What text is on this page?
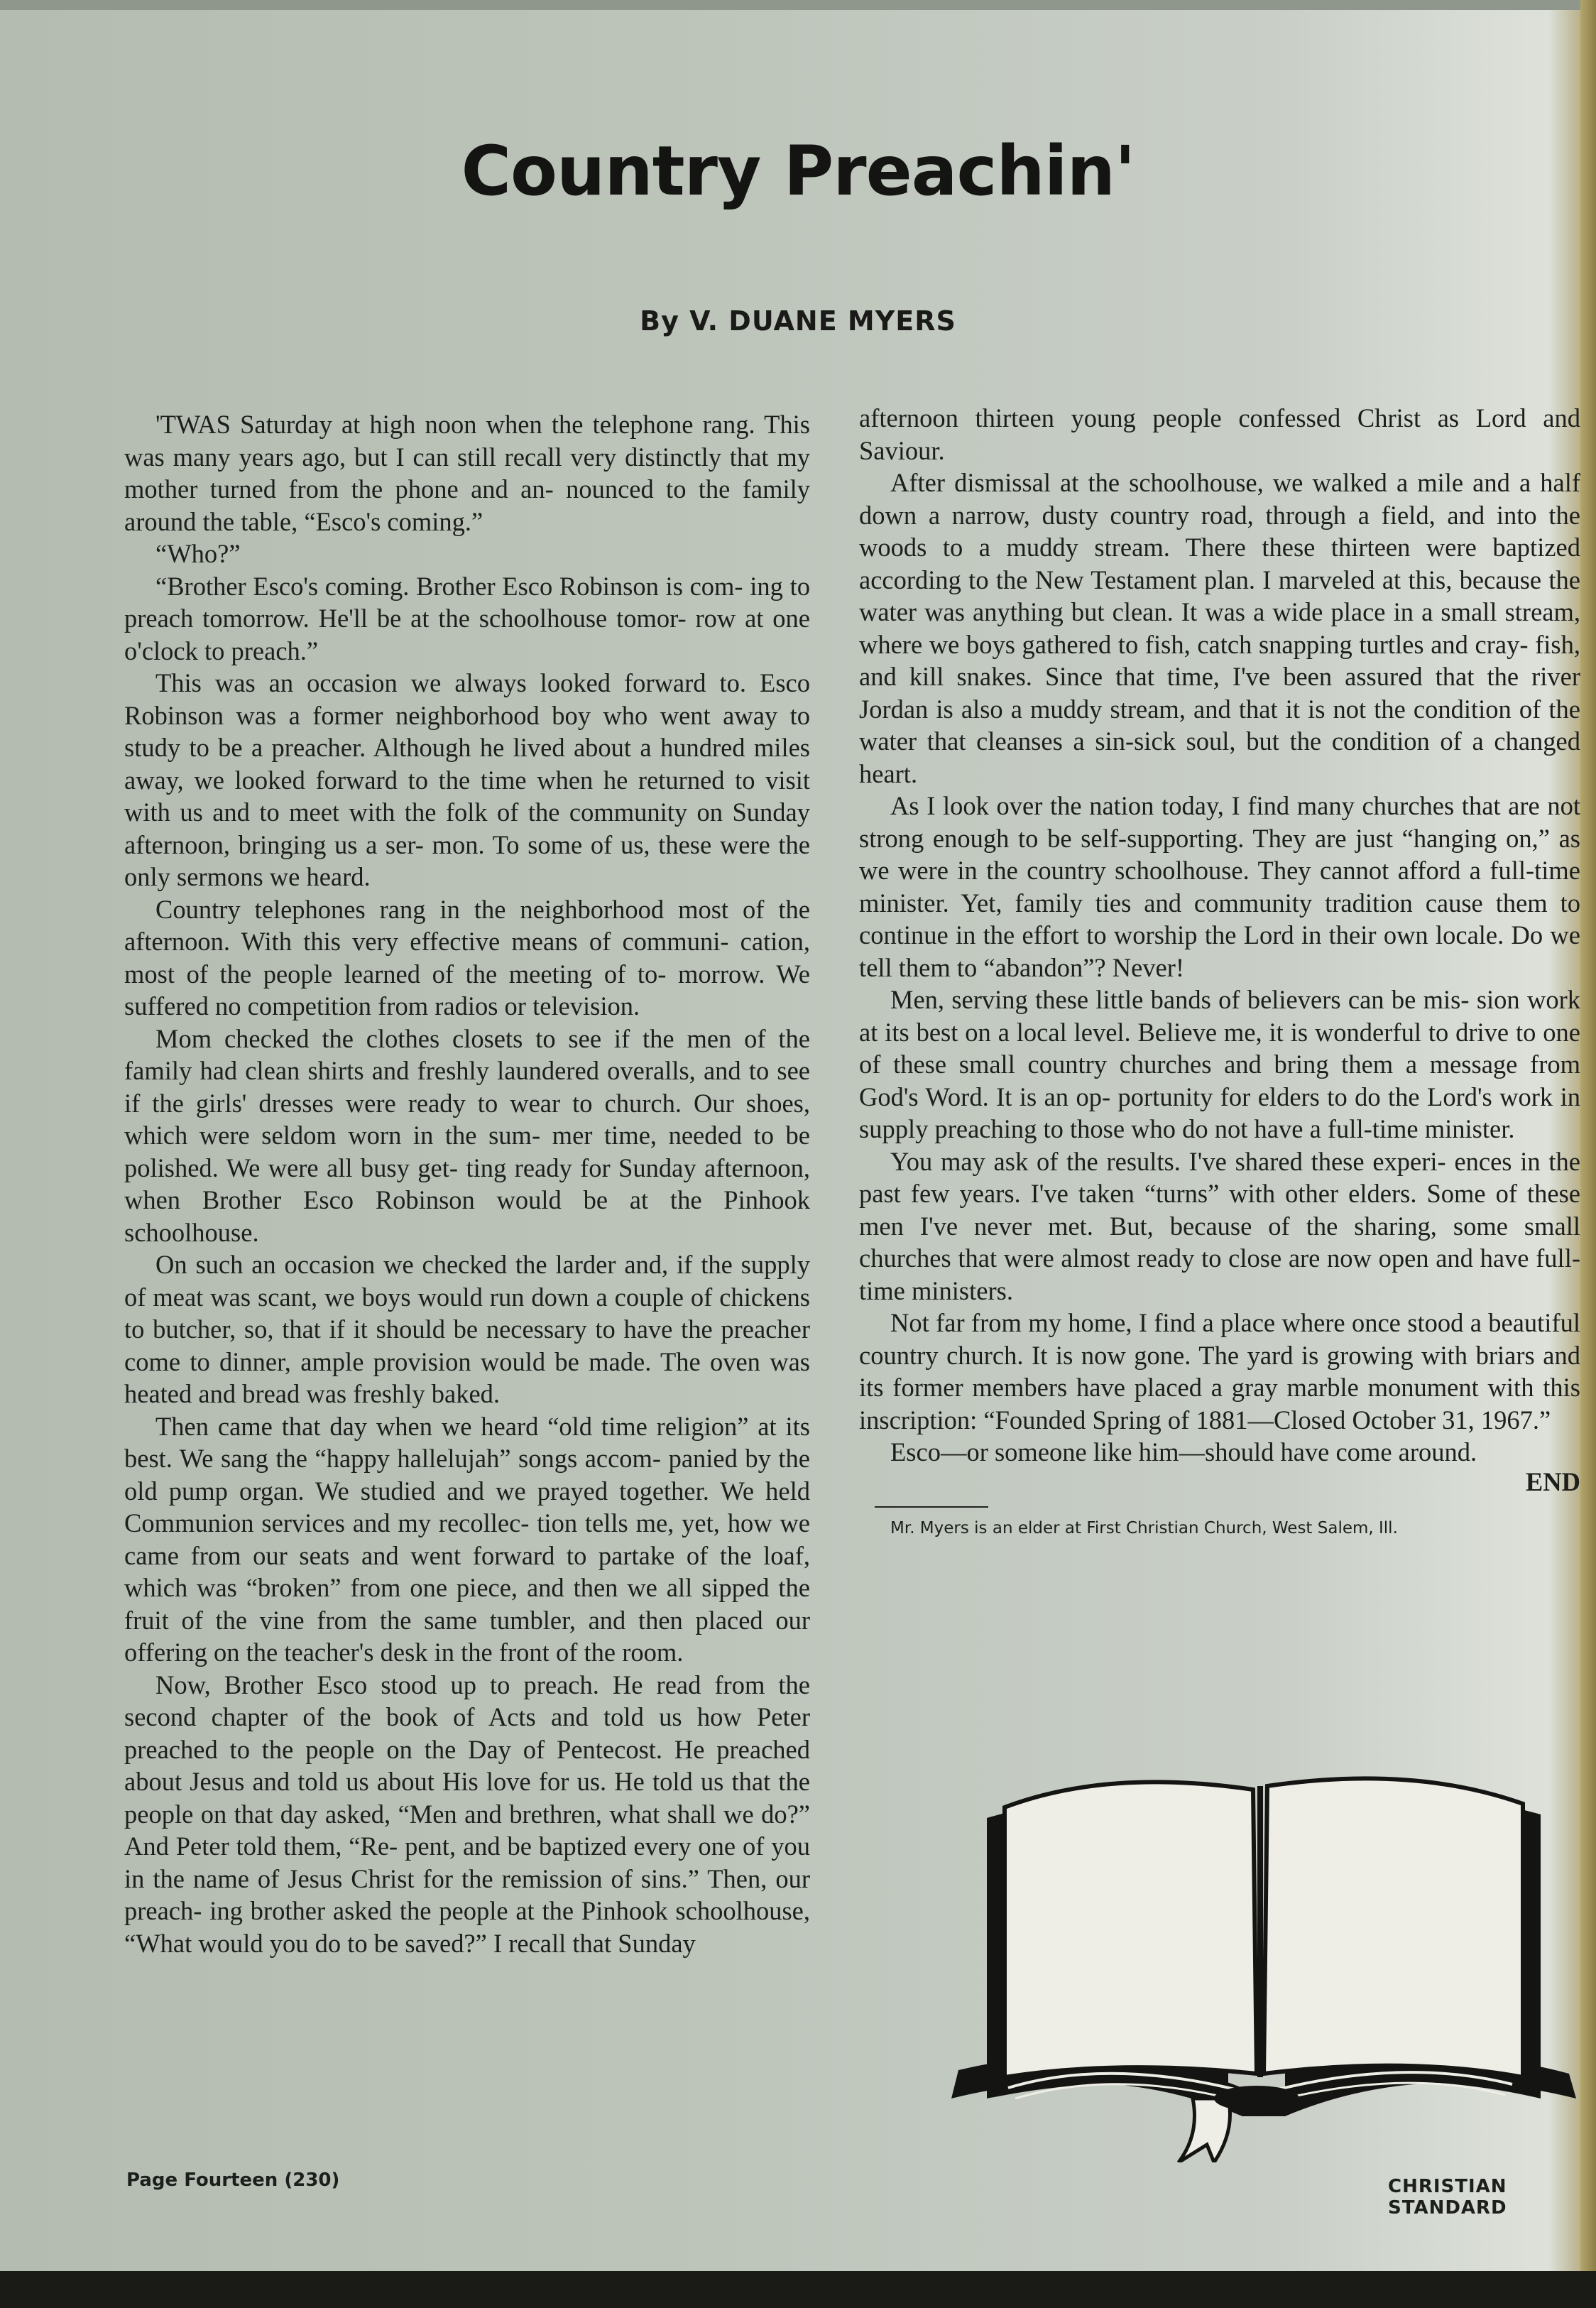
Country Preachin'
By V. DUANE MYERS

'TWAS Saturday at high noon when the telephone rang. This was many years ago, but I can still recall very distinctly that my mother turned from the phone and an- nounced to the family around the table, “Esco's coming.”

“Who?”

“Brother Esco's coming. Brother Esco Robinson is com- ing to preach tomorrow. He'll be at the schoolhouse tomor- row at one o'clock to preach.”

This was an occasion we always looked forward to. Esco Robinson was a former neighborhood boy who went away to study to be a preacher. Although he lived about a hundred miles away, we looked forward to the time when he returned to visit with us and to meet with the folk of the community on Sunday afternoon, bringing us a ser- mon. To some of us, these were the only sermons we heard.

Country telephones rang in the neighborhood most of the afternoon. With this very effective means of communi- cation, most of the people learned of the meeting of to- morrow. We suffered no competition from radios or television.

Mom checked the clothes closets to see if the men of the family had clean shirts and freshly laundered overalls, and to see if the girls' dresses were ready to wear to church. Our shoes, which were seldom worn in the sum- mer time, needed to be polished. We were all busy get- ting ready for Sunday afternoon, when Brother Esco Robinson would be at the Pinhook schoolhouse.

On such an occasion we checked the larder and, if the supply of meat was scant, we boys would run down a couple of chickens to butcher, so, that if it should be necessary to have the preacher come to dinner, ample provision would be made. The oven was heated and bread was freshly baked.

Then came that day when we heard “old time religion” at its best. We sang the “happy hallelujah” songs accom- panied by the old pump organ. We studied and we prayed together. We held Communion services and my recollec- tion tells me, yet, how we came from our seats and went forward to partake of the loaf, which was “broken” from one piece, and then we all sipped the fruit of the vine from the same tumbler, and then placed our offering on the teacher's desk in the front of the room.

Now, Brother Esco stood up to preach. He read from the second chapter of the book of Acts and told us how Peter preached to the people on the Day of Pentecost. He preached about Jesus and told us about His love for us. He told us that the people on that day asked, “Men and brethren, what shall we do?” And Peter told them, “Re- pent, and be baptized every one of you in the name of Jesus Christ for the remission of sins.” Then, our preach- ing brother asked the people at the Pinhook schoolhouse, “What would you do to be saved?” I recall that Sunday

afternoon thirteen young people confessed Christ as Lord and Saviour.

After dismissal at the schoolhouse, we walked a mile and a half down a narrow, dusty country road, through a field, and into the woods to a muddy stream. There these thirteen were baptized according to the New Testament plan. I marveled at this, because the water was anything but clean. It was a wide place in a small stream, where we boys gathered to fish, catch snapping turtles and cray- fish, and kill snakes. Since that time, I've been assured that the river Jordan is also a muddy stream, and that it is not the condition of the water that cleanses a sin-sick soul, but the condition of a changed heart.

As I look over the nation today, I find many churches that are not strong enough to be self-supporting. They are just “hanging on,” as we were in the country schoolhouse. They cannot afford a full-time minister. Yet, family ties and community tradition cause them to continue in the effort to worship the Lord in their own locale. Do we tell them to “abandon”? Never!

Men, serving these little bands of believers can be mis- sion work at its best on a local level. Believe me, it is wonderful to drive to one of these small country churches and bring them a message from God's Word. It is an op- portunity for elders to do the Lord's work in supply preaching to those who do not have a full-time minister.

You may ask of the results. I've shared these experi- ences in the past few years. I've taken “turns” with other elders. Some of these men I've never met. But, because of the sharing, some small churches that were almost ready to close are now open and have full-time ministers.

Not far from my home, I find a place where once stood a beautiful country church. It is now gone. The yard is growing with briars and its former members have placed a gray marble monument with this inscription: “Founded Spring of 1881—Closed October 31, 1967.”

Esco—or someone like him—should have come around.

END

Mr. Myers is an elder at First Christian Church, West Salem, Ill.

Page Fourteen (230)	CHRISTIAN STANDARD
